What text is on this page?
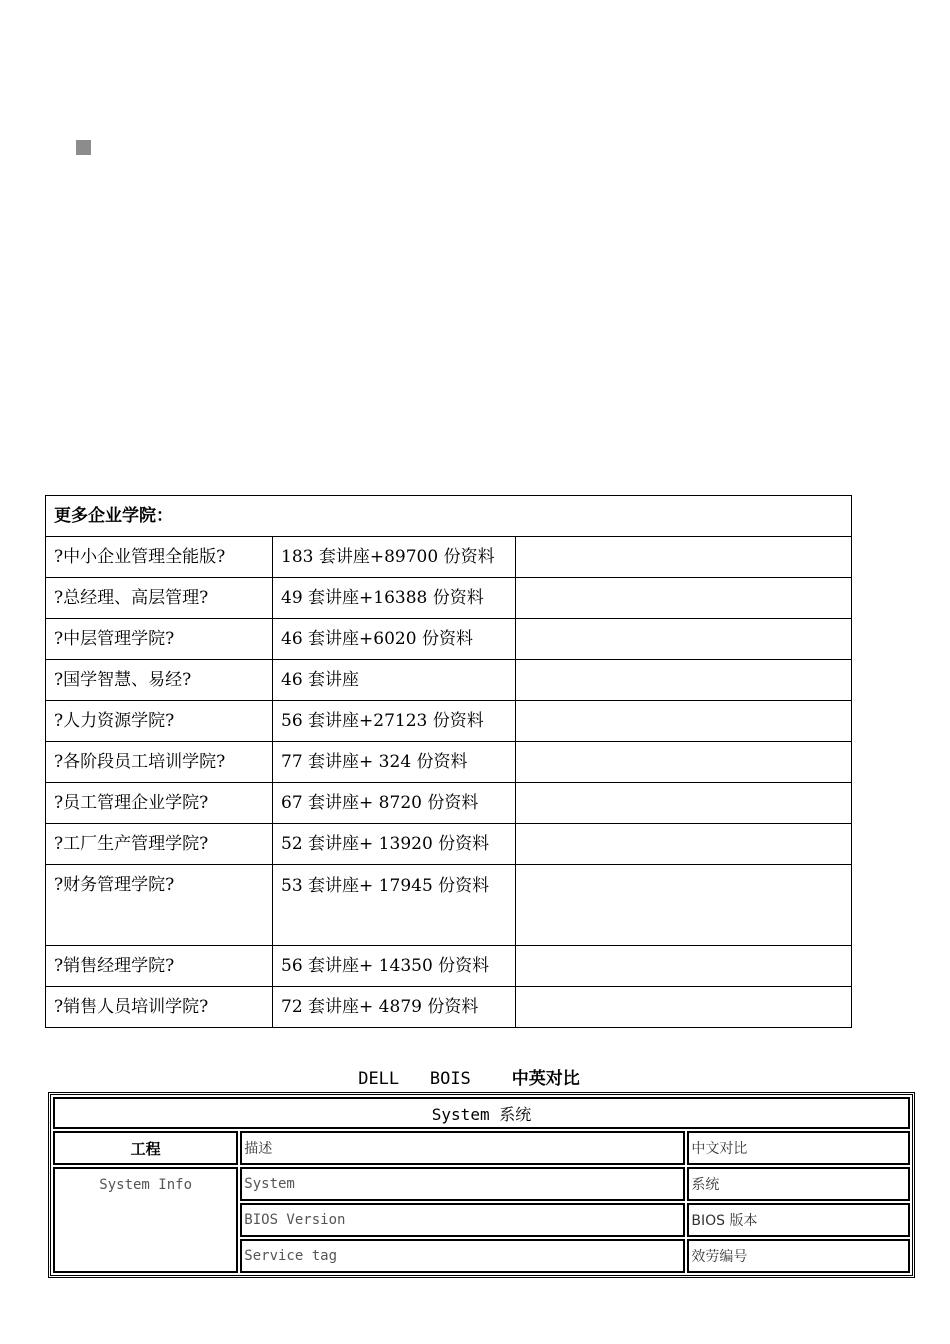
更多企业学院：		
?中小企业管理全能版?	183 套讲座+89700 份资料	
?总经理、高层管理?	49 套讲座+16388 份资料	
?中层管理学院?	46 套讲座+6020 份资料	
?国学智慧、易经?	46 套讲座	
?人力资源学院?	56 套讲座+27123 份资料	
?各阶段员工培训学院?	77 套讲座+ 324 份资料	
?员工管理企业学院?	67 套讲座+ 8720 份资料	
?工厂生产管理学院?	52 套讲座+ 13920 份资料	
?财务管理学院?	53 套讲座+ 17945 份资料	
?销售经理学院?	56 套讲座+ 14350 份资料	
?销售人员培训学院?	72 套讲座+ 4879 份资料	
DELL   BOIS 中英对比
System 系统		
工程	描述	中文对比
System Info	System	系统
	BIOS Version	BIOS 版本
	Service tag	效劳编号
